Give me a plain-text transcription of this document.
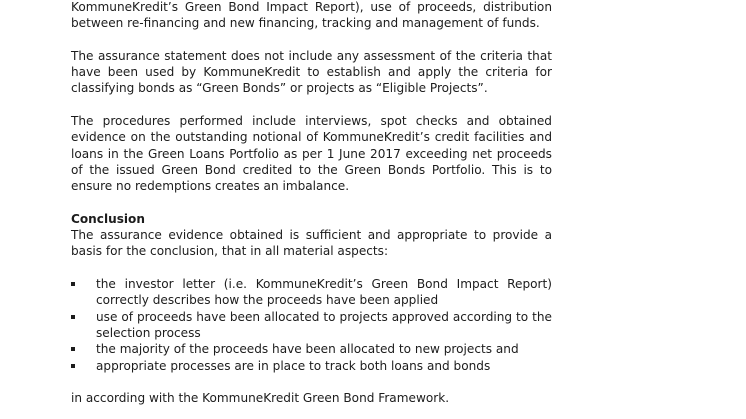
KommuneKredit’s Green Bond Impact Report), use of proceeds, distribution between re-financing and new financing, tracking and management of funds.

The assurance statement does not include any assessment of the criteria that have been used by KommuneKredit to establish and apply the criteria for classifying bonds as “Green Bonds” or projects as “Eligible Projects”.

The procedures performed include interviews, spot checks and obtained evidence on the outstanding notional of KommuneKredit’s credit facilities and loans in the Green Loans Portfolio as per 1 June 2017 exceeding net proceeds of the issued Green Bond credited to the Green Bonds Portfolio. This is to ensure no redemptions creates an imbalance.

Conclusion

The assurance evidence obtained is sufficient and appropriate to provide a basis for the conclusion, that in all material aspects:

the investor letter (i.e. KommuneKredit’s Green Bond Impact Report) correctly describes how the proceeds have been applied
use of proceeds have been allocated to projects approved according to the selection process
the majority of the proceeds have been allocated to new projects and
appropriate processes are in place to track both loans and bonds

in according with the KommuneKredit Green Bond Framework.
